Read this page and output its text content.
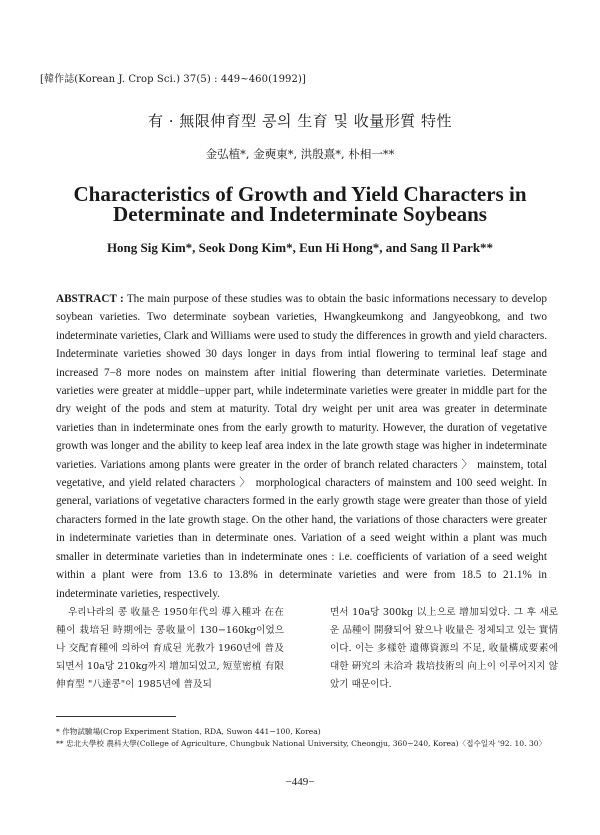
[韓作誌(Korean J. Crop Sci.) 37(5) : 449~460(1992)]
有 · 無限伸育型 콩의 生育 및 收量形質 特性
金弘植*, 金奭東*, 洪殷熹*, 朴相一**
Characteristics of Growth and Yield Characters in
Determinate and Indeterminate Soybeans
Hong Sig Kim*, Seok Dong Kim*, Eun Hi Hong*, and Sang Il Park**

ABSTRACT : The main purpose of these studies was to obtain the basic informations necessary to develop soybean varieties. Two determinate soybean varieties, Hwangkeumkong and Jangyeobkong, and two indeterminate varieties, Clark and Williams were used to study the differences in growth and yield characters. Indeterminate varieties showed 30 days longer in days from intial flowering to terminal leaf stage and increased 7−8 more nodes on mainstem after initial flowering than determinate varieties. Determinate varieties were greater at middle−upper part, while indeterminate varieties were greater in middle part for the dry weight of the pods and stem at maturity. Total dry weight per unit area was greater in determinate varieties than in indeterminate ones from the early growth to maturity. However, the duration of vegetative growth was longer and the ability to keep leaf area index in the late growth stage was higher in indeterminate varieties. Variations among plants were greater in the order of branch related characters 〉 mainstem, total vegetative, and yield related characters 〉 morphological characters of mainstem and 100 seed weight. In general, variations of vegetative characters formed in the early growth stage were greater than those of yield characters formed in the late growth stage. On the other hand, the variations of those characters were greater in indeterminate varieties than in determinate ones. Variation of a seed weight within a plant was much smaller in determinate varieties than in indeterminate ones : i.e. coefficients of variation of a seed weight within a plant were from 13.6 to 13.8% in determinate varieties and were from 18.5 to 21.1% in indeterminate varieties, respectively.

우리나라의 콩 收量은 1950年代의 導入種과 在在種이 栽培된 時期에는 콩收量이 130−160kg이었으나 交配育種에 의하여 育成된 光敎가 1960년에 普及되면서 10a당 210kg까지 增加되었고, 短莖密植 有限伸育型 "八達콩"이 1985년에 普及되

면서 10a당 300kg 以上으로 增加되었다. 그 후 새로운 品種이 開發되어 왔으나 收量은 정체되고 있는 實情이다. 이는 多樣한 遺傳資源의 不足, 收量構成要素에 대한 硏究의 未洽과 栽培技術의 向上이 이루어지지 않았기 때문이다.

* 作物試驗場(Crop Experiment Station, RDA, Suwon 441−100, Korea)

** 忠北大學校 農科大學(College of Agriculture, Chungbuk National University, Cheongju, 360−240, Korea)〈접수일자 '92. 10. 30〉

−449−
